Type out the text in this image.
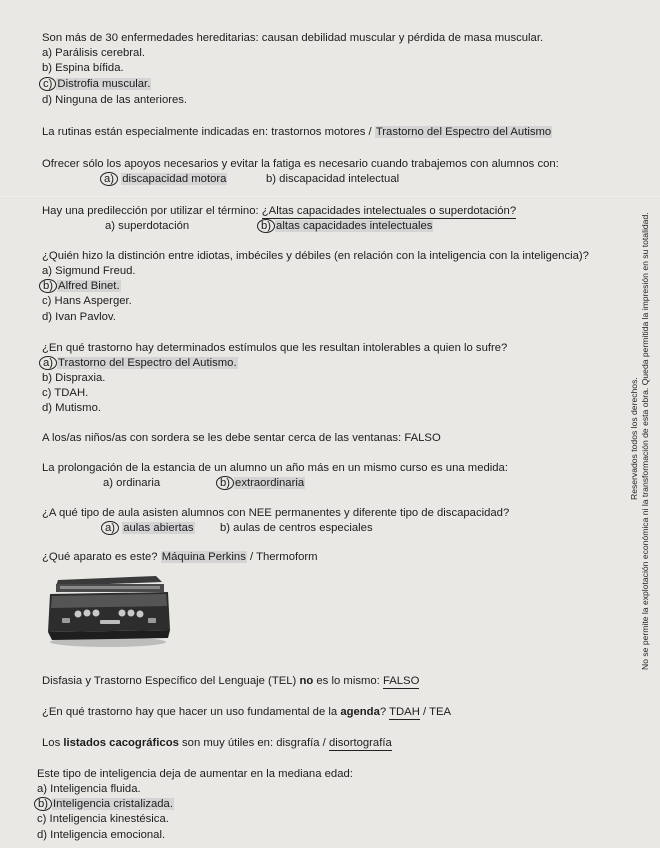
Son más de 30 enfermedades hereditarias: causan debilidad muscular y pérdida de masa muscular.
a) Parálisis cerebral.
b) Espina bífida.
c) Distrofia muscular.
d) Ninguna de las anteriores.
La rutinas están especialmente indicadas en: trastornos motores / Trastorno del Espectro del Autismo
Ofrecer sólo los apoyos necesarios y evitar la fatiga es necesario cuando trabajemos con alumnos con:
a) discapacidad motora	b) discapacidad intelectual
Hay una predilección por utilizar el término: ¿Altas capacidades intelectuales o superdotación?
a) superdotación	b) altas capacidades intelectuales
¿Quién hizo la distinción entre idiotas, imbéciles y débiles (en relación con la inteligencia con la inteligencia)?
a) Sigmund Freud.
b) Alfred Binet.
c) Hans Asperger.
d) Ivan Pavlov.
¿En qué trastorno hay determinados estímulos que les resultan intolerables a quien lo sufre?
a) Trastorno del Espectro del Autismo.
b) Dispraxia.
c) TDAH.
d) Mutismo.
A los/as niños/as con sordera se les debe sentar cerca de las ventanas: FALSO
La prolongación de la estancia de un alumno un año más en un mismo curso es una medida:
a) ordinaria	b) extraordinaria
¿A qué tipo de aula asisten alumnos con NEE permanentes y diferente tipo de discapacidad?
a) aulas abiertas b) aulas de centros especiales
¿Qué aparato es este? Máquina Perkins / Thermoform
Disfasia y Trastorno Específico del Lenguaje (TEL) no es lo mismo: FALSO
¿En qué trastorno hay que hacer un uso fundamental de la agenda? TDAH / TEA
Los listados cacográficos son muy útiles en: disgrafía / disortografía
Este tipo de inteligencia deja de aumentar en la mediana edad:
a) Inteligencia fluida.
b) Inteligencia cristalizada.
c) Inteligencia kinestésica.
d) Inteligencia emocional.
No se permite la explotación económica ni la transformación de esta obra. Queda permitida la impresión en su totalidad.
Reservados todos los derechos.
